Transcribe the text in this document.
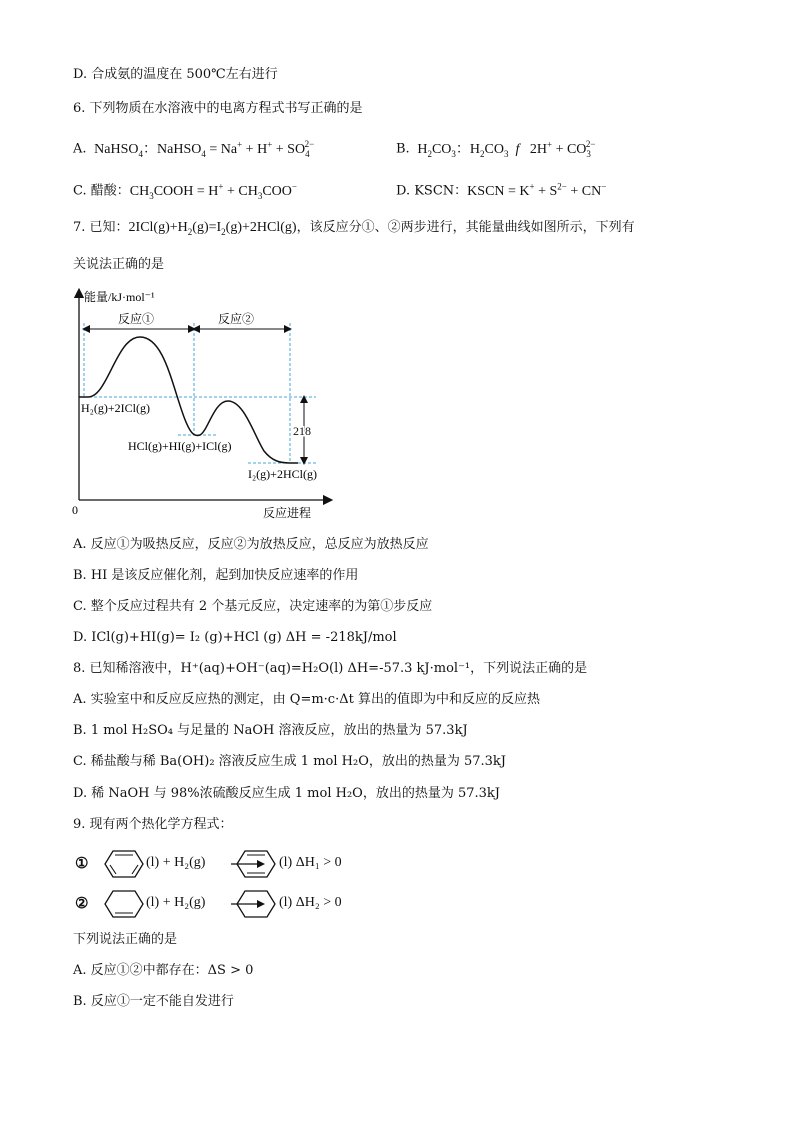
D. 合成氨的温度在 500℃左右进行
6. 下列物质在水溶液中的电离方程式书写正确的是
A.  NaHSO$_4$：NaHSO$_4$ = $Na^+ + H^+ + SO_4^{2-}$	B.  $H_2CO_3$：$H_2CO_3$ f   $2H^+ + CO_3^{2-}$
C. 醋酸：$CH_3COOH = H^+ + CH_3COO^-$	D. KSCN：KSCN = $K^+ + S^{2-} + CN^-$
7. 已知：$2ICl(g)+H_2(g)=I_2(g)+2HCl(g)$，该反应分①、②两步进行，其能量曲线如图所示，下列有
关说法正确的是
能量/kJ·mol⁻¹
反应进程
0
反应①	反应②
218
H₂(g)+2ICl(g)
HCl(g)+HI(g)+ICl(g)
I₂(g)+2HCl(g)
A. 反应①为吸热反应，反应②为放热反应，总反应为放热反应
B. HI 是该反应催化剂，起到加快反应速率的作用
C. 整个反应过程共有 2 个基元反应，决定速率的为第①步反应
D. ICl(g)+HI(g)= I₂ (g)+HCl (g) ΔH = -218kJ/mol
8. 已知稀溶液中，H⁺(aq)+OH⁻(aq)=H₂O(l) ΔH=-57.3 kJ·mol⁻¹，下列说法正确的是
A. 实验室中和反应反应热的测定，由 Q=m·c·Δt 算出的值即为中和反应的反应热
B. 1 mol H₂SO₄ 与足量的 NaOH 溶液反应，放出的热量为 57.3kJ
C. 稀盐酸与稀 Ba(OH)₂ 溶液反应生成 1 mol H₂O，放出的热量为 57.3kJ
D. 稀 NaOH 与 98%浓硫酸反应生成 1 mol H₂O，放出的热量为 57.3kJ
9. 现有两个热化学方程式：
①	(l) + H₂(g)	(l) ΔH₁ > 0
②	(l) + H₂(g)	(l) ΔH₂ > 0
下列说法正确的是
A. 反应①②中都存在：ΔS > 0
B. 反应①一定不能自发进行
